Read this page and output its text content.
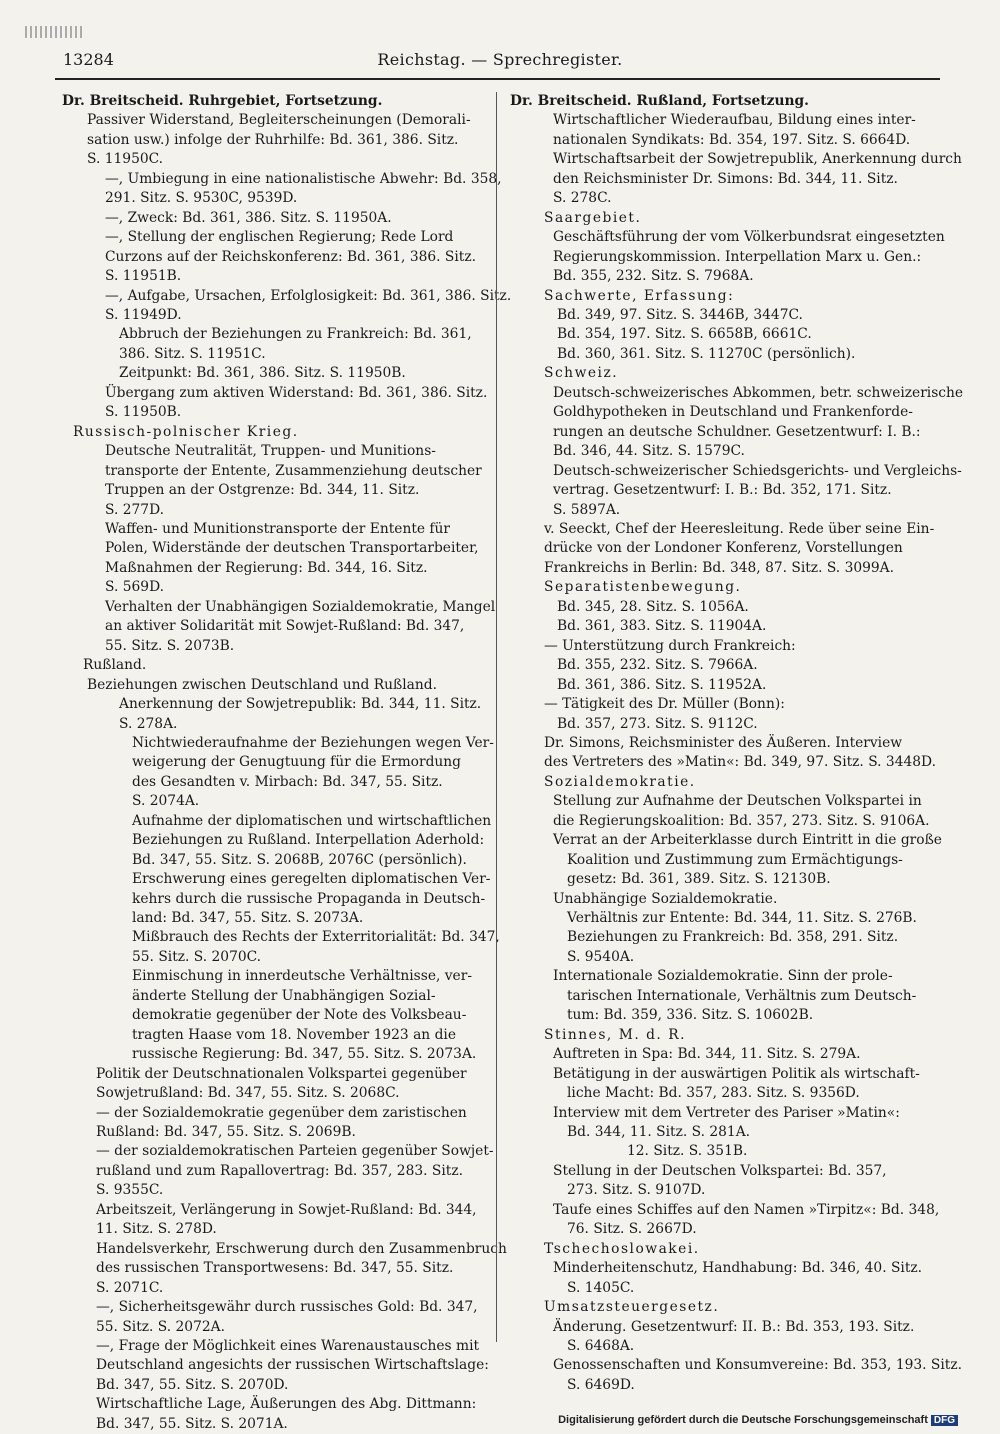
13284	Reichstag. — Sprechregister.
Dr. Breitscheid. Ruhrgebiet, Fortsetzung.
Passiver Widerstand, Begleiterscheinungen (Demorali-
sation usw.) infolge der Ruhrhilfe: Bd. 361, 386. Sitz.
S. 11950C.
—, Umbiegung in eine nationalistische Abwehr: Bd. 358,
291. Sitz. S. 9530C, 9539D.
—, Zweck: Bd. 361, 386. Sitz. S. 11950A.
—, Stellung der englischen Regierung; Rede Lord
Curzons auf der Reichskonferenz: Bd. 361, 386. Sitz.
S. 11951B.
—, Aufgabe, Ursachen, Erfolglosigkeit: Bd. 361, 386. Sitz.
S. 11949D.
Abbruch der Beziehungen zu Frankreich: Bd. 361,
386. Sitz. S. 11951C.
Zeitpunkt: Bd. 361, 386. Sitz. S. 11950B.
Übergang zum aktiven Widerstand: Bd. 361, 386. Sitz.
S. 11950B.
Russisch-polnischer Krieg.
Deutsche Neutralität, Truppen- und Munitions-
transporte der Entente, Zusammenziehung deutscher
Truppen an der Ostgrenze: Bd. 344, 11. Sitz.
S. 277D.
Waffen- und Munitionstransporte der Entente für
Polen, Widerstände der deutschen Transportarbeiter,
Maßnahmen der Regierung: Bd. 344, 16. Sitz.
S. 569D.
Verhalten der Unabhängigen Sozialdemokratie, Mangel
an aktiver Solidarität mit Sowjet-Rußland: Bd. 347,
55. Sitz. S. 2073B.
Rußland.
Beziehungen zwischen Deutschland und Rußland.
Anerkennung der Sowjetrepublik: Bd. 344, 11. Sitz.
S. 278A.
Nichtwiederaufnahme der Beziehungen wegen Ver-
weigerung der Genugtuung für die Ermordung
des Gesandten v. Mirbach: Bd. 347, 55. Sitz.
S. 2074A.
Aufnahme der diplomatischen und wirtschaftlichen
Beziehungen zu Rußland. Interpellation Aderhold:
Bd. 347, 55. Sitz. S. 2068B, 2076C (persönlich).
Erschwerung eines geregelten diplomatischen Ver-
kehrs durch die russische Propaganda in Deutsch-
land: Bd. 347, 55. Sitz. S. 2073A.
Mißbrauch des Rechts der Exterritorialität: Bd. 347,
55. Sitz. S. 2070C.
Einmischung in innerdeutsche Verhältnisse, ver-
änderte Stellung der Unabhängigen Sozial-
demokratie gegenüber der Note des Volksbeau-
tragten Haase vom 18. November 1923 an die
russische Regierung: Bd. 347, 55. Sitz. S. 2073A.
Politik der Deutschnationalen Volkspartei gegenüber
Sowjetrußland: Bd. 347, 55. Sitz. S. 2068C.
— der Sozialdemokratie gegenüber dem zaristischen
Rußland: Bd. 347, 55. Sitz. S. 2069B.
— der sozialdemokratischen Parteien gegenüber Sowjet-
rußland und zum Rapallovertrag: Bd. 357, 283. Sitz.
S. 9355C.
Arbeitszeit, Verlängerung in Sowjet-Rußland: Bd. 344,
11. Sitz. S. 278D.
Handelsverkehr, Erschwerung durch den Zusammenbruch
des russischen Transportwesens: Bd. 347, 55. Sitz.
S. 2071C.
—, Sicherheitsgewähr durch russisches Gold: Bd. 347,
55. Sitz. S. 2072A.
—, Frage der Möglichkeit eines Warenaustausches mit
Deutschland angesichts der russischen Wirtschaftslage:
Bd. 347, 55. Sitz. S. 2070D.
Wirtschaftliche Lage, Äußerungen des Abg. Dittmann:
Bd. 347, 55. Sitz. S. 2071A.
Dr. Breitscheid. Rußland, Fortsetzung.
Wirtschaftlicher Wiederaufbau, Bildung eines inter-
nationalen Syndikats: Bd. 354, 197. Sitz. S. 6664D.
Wirtschaftsarbeit der Sowjetrepublik, Anerkennung durch
den Reichsminister Dr. Simons: Bd. 344, 11. Sitz.
S. 278C.
Saargebiet.
Geschäftsführung der vom Völkerbundsrat eingesetzten
Regierungskommission. Interpellation Marx u. Gen.:
Bd. 355, 232. Sitz. S. 7968A.
Sachwerte, Erfassung:
Bd. 349, 97. Sitz. S. 3446B, 3447C.
Bd. 354, 197. Sitz. S. 6658B, 6661C.
Bd. 360, 361. Sitz. S. 11270C (persönlich).
Schweiz.
Deutsch-schweizerisches Abkommen, betr. schweizerische
Goldhypotheken in Deutschland und Frankenforde-
rungen an deutsche Schuldner. Gesetzentwurf: I. B.:
Bd. 346, 44. Sitz. S. 1579C.
Deutsch-schweizerischer Schiedsgerichts- und Vergleichs-
vertrag. Gesetzentwurf: I. B.: Bd. 352, 171. Sitz.
S. 5897A.
v. Seeckt, Chef der Heeresleitung. Rede über seine Ein-
drücke von der Londoner Konferenz, Vorstellungen
Frankreichs in Berlin: Bd. 348, 87. Sitz. S. 3099A.
Separatistenbewegung.
Bd. 345, 28. Sitz. S. 1056A.
Bd. 361, 383. Sitz. S. 11904A.
— Unterstützung durch Frankreich:
Bd. 355, 232. Sitz. S. 7966A.
Bd. 361, 386. Sitz. S. 11952A.
— Tätigkeit des Dr. Müller (Bonn):
Bd. 357, 273. Sitz. S. 9112C.
Dr. Simons, Reichsminister des Äußeren. Interview
des Vertreters des »Matin«: Bd. 349, 97. Sitz. S. 3448D.
Sozialdemokratie.
Stellung zur Aufnahme der Deutschen Volkspartei in
die Regierungskoalition: Bd. 357, 273. Sitz. S. 9106A.
Verrat an der Arbeiterklasse durch Eintritt in die große
Koalition und Zustimmung zum Ermächtigungs-
gesetz: Bd. 361, 389. Sitz. S. 12130B.
Unabhängige Sozialdemokratie.
Verhältnis zur Entente: Bd. 344, 11. Sitz. S. 276B.
Beziehungen zu Frankreich: Bd. 358, 291. Sitz.
S. 9540A.
Internationale Sozialdemokratie. Sinn der prole-
tarischen Internationale, Verhältnis zum Deutsch-
tum: Bd. 359, 336. Sitz. S. 10602B.
Stinnes, M. d. R.
Auftreten in Spa: Bd. 344, 11. Sitz. S. 279A.
Betätigung in der auswärtigen Politik als wirtschaft-
liche Macht: Bd. 357, 283. Sitz. S. 9356D.
Interview mit dem Vertreter des Pariser »Matin«:
Bd. 344, 11. Sitz. S. 281A.
12. Sitz. S. 351B.
Stellung in der Deutschen Volkspartei: Bd. 357,
273. Sitz. S. 9107D.
Taufe eines Schiffes auf den Namen »Tirpitz«: Bd. 348,
76. Sitz. S. 2667D.
Tschechoslowakei.
Minderheitenschutz, Handhabung: Bd. 346, 40. Sitz.
S. 1405C.
Umsatzsteuergesetz.
Änderung. Gesetzentwurf: II. B.: Bd. 353, 193. Sitz.
S. 6468A.
Genossenschaften und Konsumvereine: Bd. 353, 193. Sitz.
S. 6469D.
Digitalisierung gefördert durch die Deutsche Forschungsgemeinschaft DFG
